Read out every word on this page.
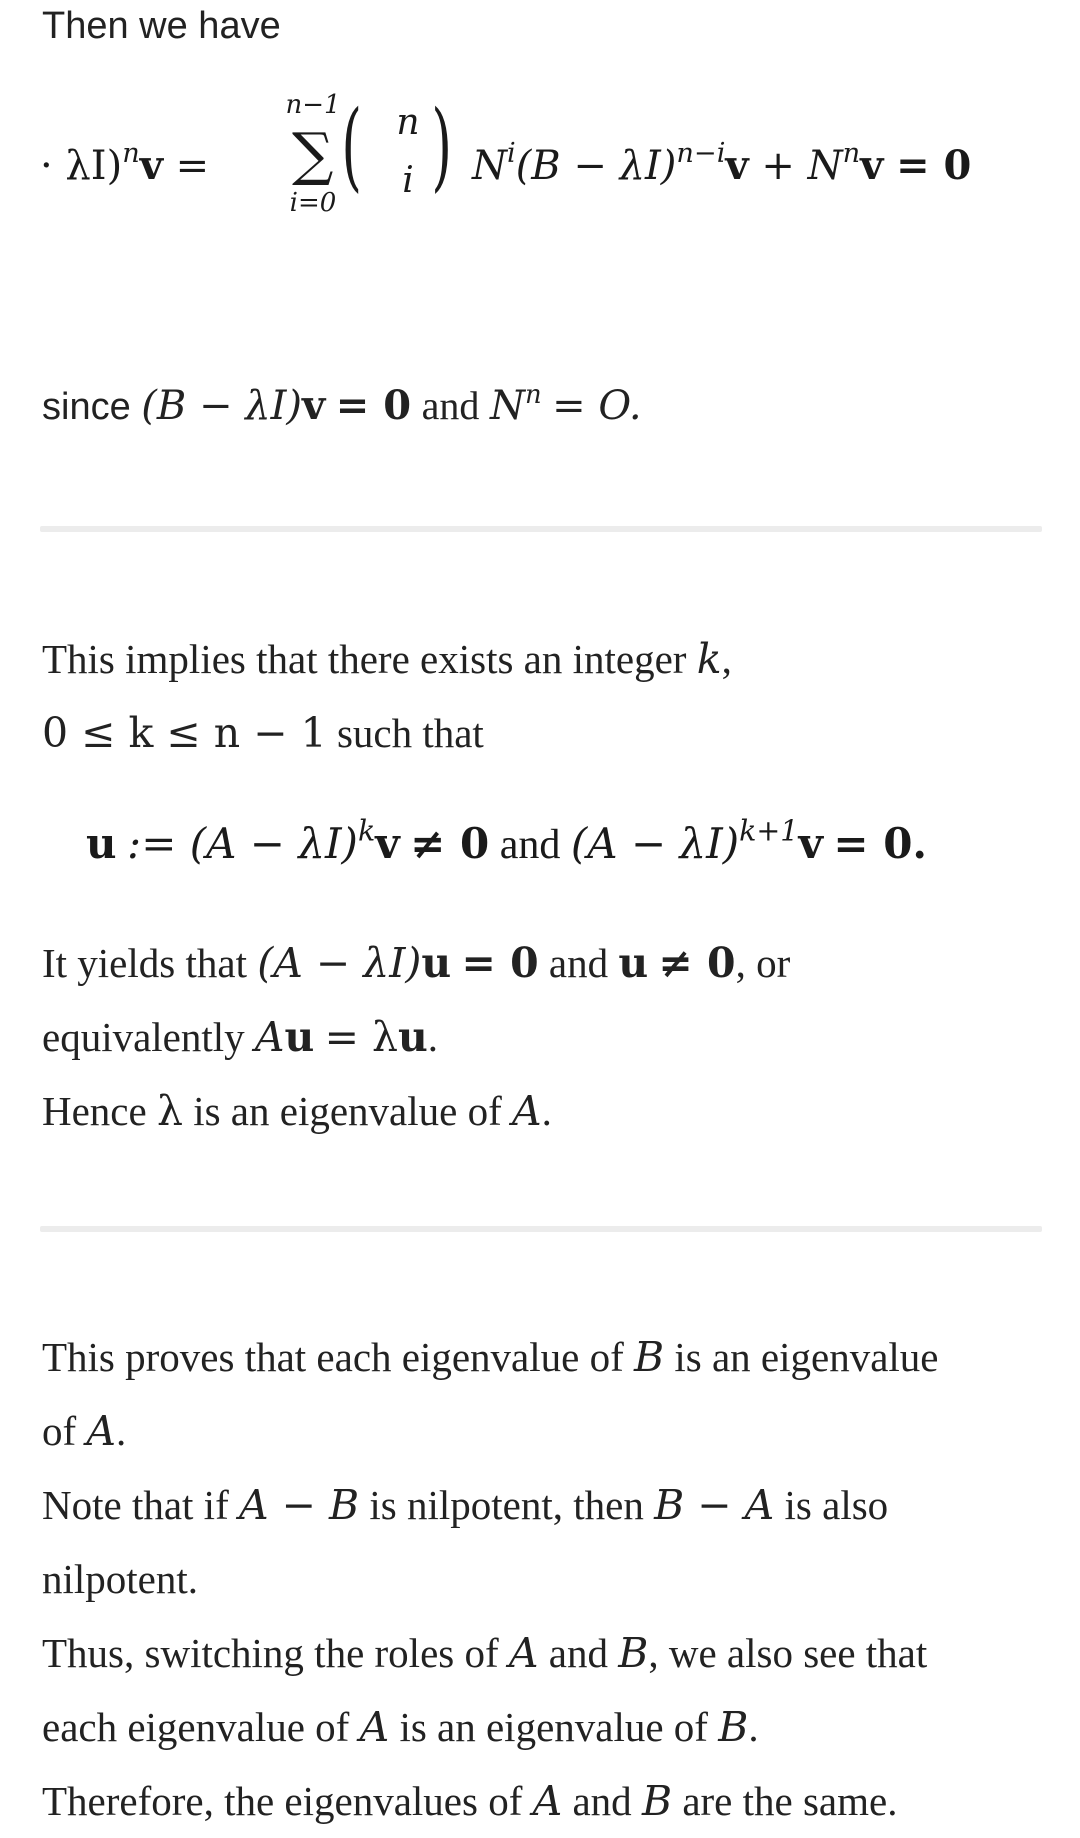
Then we have
· λI)$^n$v =
n−1
∑
i=0
( n
i ) $N^i(B - \lambda I)^{n-i}v + N^nv = 0$
since (B − λI)v = 0 and $N^n = O$.
This implies that there exists an integer k,
0 ≤ k ≤ n − 1 such that
u := $(A - \lambda I)^kv \ne 0$ and $(A - \lambda I)^{k+1}v = 0$.
It yields that (A − λI)u = 0 and u ≠ 0, or
equivalently Au = λu.
Hence λ is an eigenvalue of A.
This proves that each eigenvalue of B is an eigenvalue
of A.
Note that if A − B is nilpotent, then B − A is also
nilpotent.
Thus, switching the roles of A and B, we also see that
each eigenvalue of A is an eigenvalue of B.
Therefore, the eigenvalues of A and B are the same.
